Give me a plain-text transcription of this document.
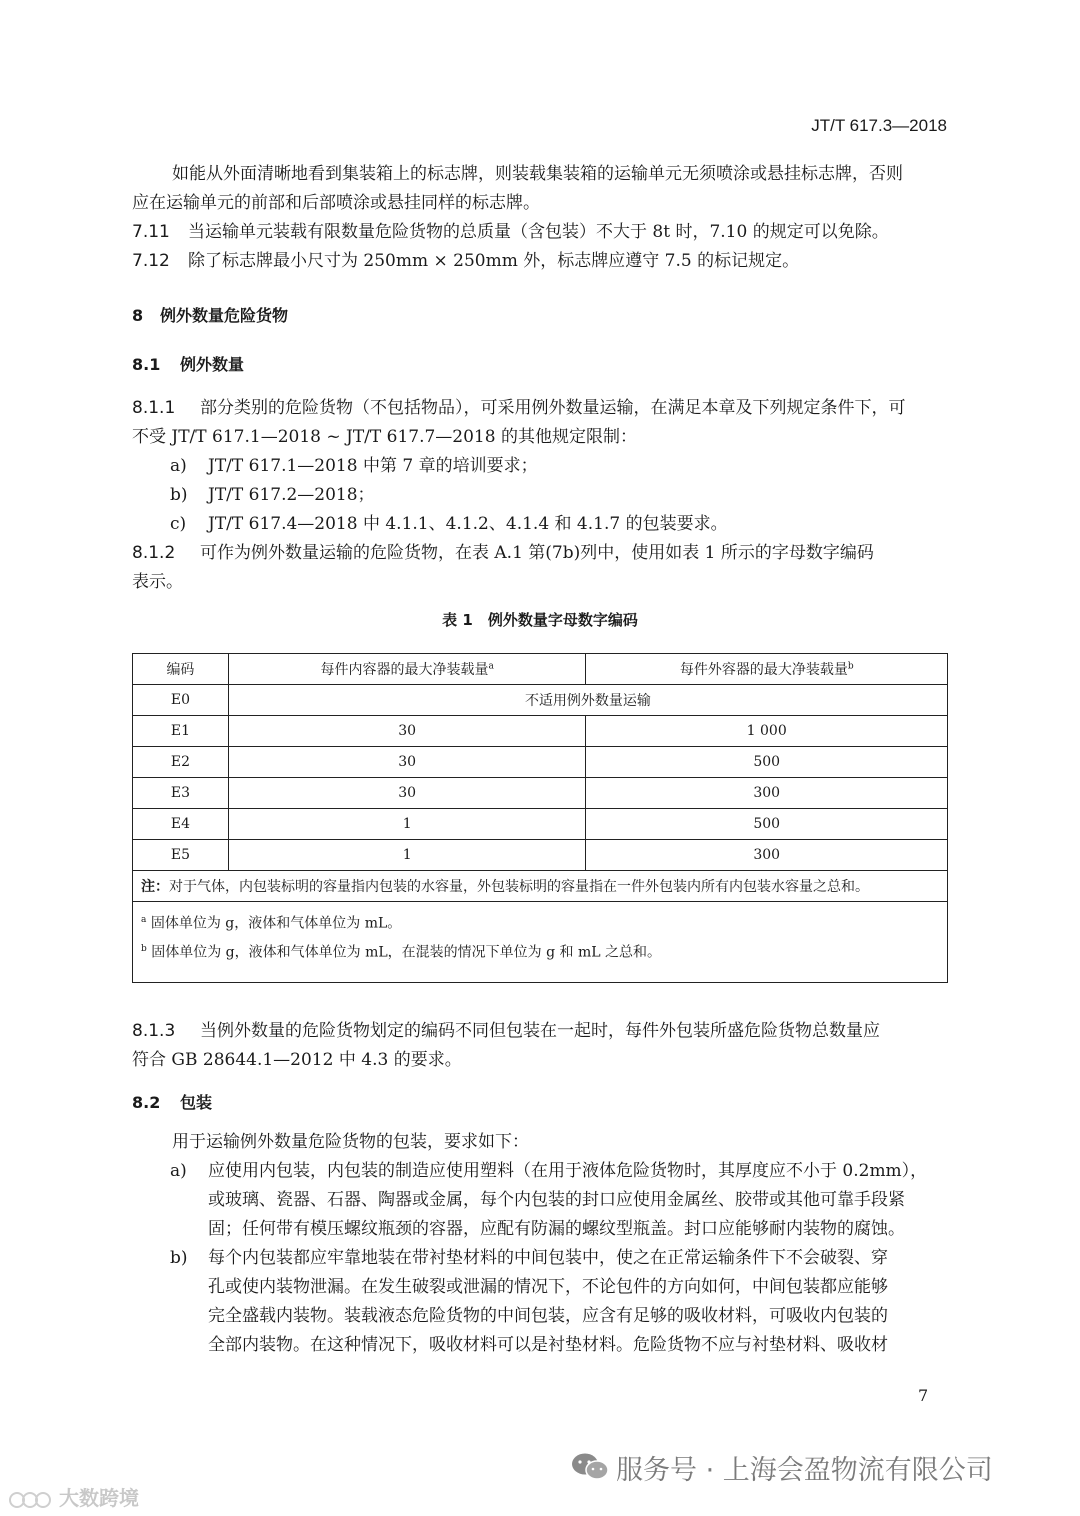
JT/T 617.3—2018
如能从外面清晰地看到集装箱上的标志牌，则装载集装箱的运输单元无须喷涂或悬挂标志牌，否则
应在运输单元的前部和后部喷涂或悬挂同样的标志牌。
7.11 当运输单元装载有限数量危险货物的总质量（含包装）不大于 8t 时，7.10 的规定可以免除。
7.12 除了标志牌最小尺寸为 250mm × 250mm 外，标志牌应遵守 7.5 的标记规定。
8 例外数量危险货物
8.1 例外数量
8.1.1 部分类别的危险货物（不包括物品），可采用例外数量运输，在满足本章及下列规定条件下，可
不受 JT/T 617.1—2018 ~ JT/T 617.7—2018 的其他规定限制：
a) JT/T 617.1—2018 中第 7 章的培训要求；
b) JT/T 617.2—2018；
c) JT/T 617.4—2018 中 4.1.1、4.1.2、4.1.4 和 4.1.7 的包装要求。
8.1.2 可作为例外数量运输的危险货物，在表 A.1 第(7b)列中，使用如表 1 所示的字母数字编码
表示。
表 1　例外数量字母数字编码
编码	每件内容器的最大净装载量$^a$	每件外容器的最大净装载量$^b$
E0	不适用例外数量运输	
E1	30	1 000
E2	30	500
E3	30	300
E4	1	500
E5	1	300
注：对于气体，内包装标明的容量指内包装的水容量，外包装标明的容量指在一件外包装内所有内包装水容量之总和。		

$^a$ 固体单位为 g，液体和气体单位为 mL。
$^b$ 固体单位为 g，液体和气体单位为 mL，在混装的情况下单位为 g 和 mL 之总和。		
8.1.3 当例外数量的危险货物划定的编码不同但包装在一起时，每件外包装所盛危险货物总数量应
符合 GB 28644.1—2012 中 4.3 的要求。
8.2 包装
用于运输例外数量危险货物的包装，要求如下：
a) 应使用内包装，内包装的制造应使用塑料（在用于液体危险货物时，其厚度应不小于 0.2mm），
或玻璃、瓷器、石器、陶器或金属，每个内包装的封口应使用金属丝、胶带或其他可靠手段紧
固；任何带有模压螺纹瓶颈的容器，应配有防漏的螺纹型瓶盖。封口应能够耐内装物的腐蚀。
b) 每个内包装都应牢靠地装在带衬垫材料的中间包装中，使之在正常运输条件下不会破裂、穿
孔或使内装物泄漏。在发生破裂或泄漏的情况下，不论包件的方向如何，中间包装都应能够
完全盛载内装物。装载液态危险货物的中间包装，应含有足够的吸收材料，可吸收内包装的
全部内装物。在这种情况下，吸收材料可以是衬垫材料。危险货物不应与衬垫材料、吸收材
7
大数跨境
服务号 · 上海会盈物流有限公司
